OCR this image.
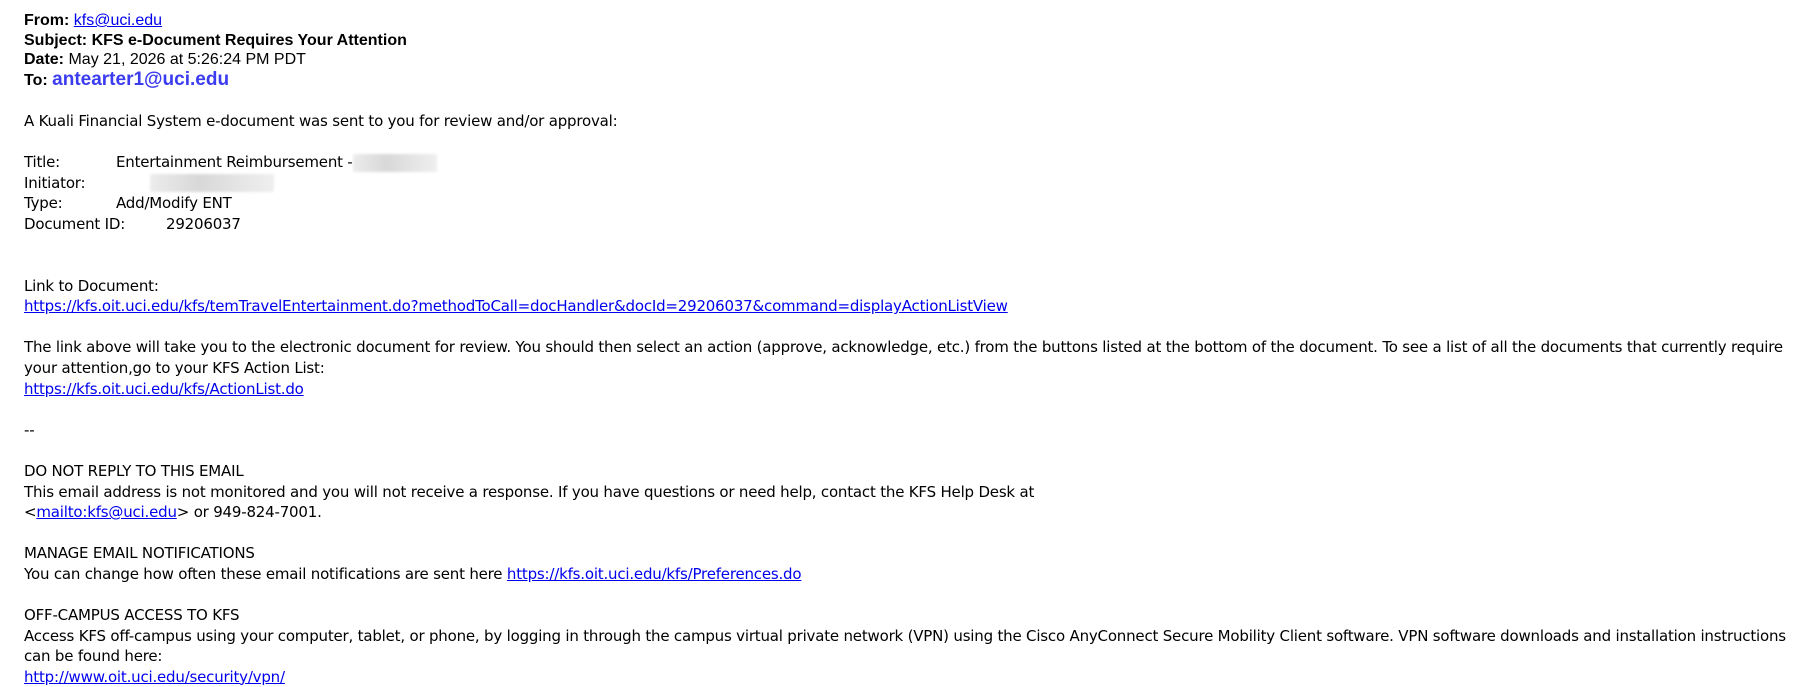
From: kfs@uci.edu
Subject: KFS e-Document Requires Your Attention
Date: May 21, 2026 at 5:26:24 PM PDT
To: antearter1@uci.edu

A Kuali Financial System e-document was sent to you for review and/or approval:

Title:	Entertainment Reimbursement -
Initiator:
Type:	Add/Modify ENT
Document ID:	29206037

Link to Document:

https://kfs.oit.uci.edu/kfs/temTravelEntertainment.do?methodToCall=docHandler&docId=29206037&command=displayActionListView

The link above will take you to the electronic document for review. You should then select an action (approve, acknowledge, etc.) from the buttons listed at the bottom of the document. To see a list of all the documents that currently require your attention,go to your KFS Action List:

https://kfs.oit.uci.edu/kfs/ActionList.do

--

DO NOT REPLY TO THIS EMAIL

This email address is not monitored and you will not receive a response. If you have questions or need help, contact the KFS Help Desk at

<mailto:kfs@uci.edu> or 949-824-7001.

MANAGE EMAIL NOTIFICATIONS

You can change how often these email notifications are sent here https://kfs.oit.uci.edu/kfs/Preferences.do

OFF-CAMPUS ACCESS TO KFS

Access KFS off-campus using your computer, tablet, or phone, by logging in through the campus virtual private network (VPN) using the Cisco AnyConnect Secure Mobility Client software. VPN software downloads and installation instructions can be found here:

http://www.oit.uci.edu/security/vpn/
